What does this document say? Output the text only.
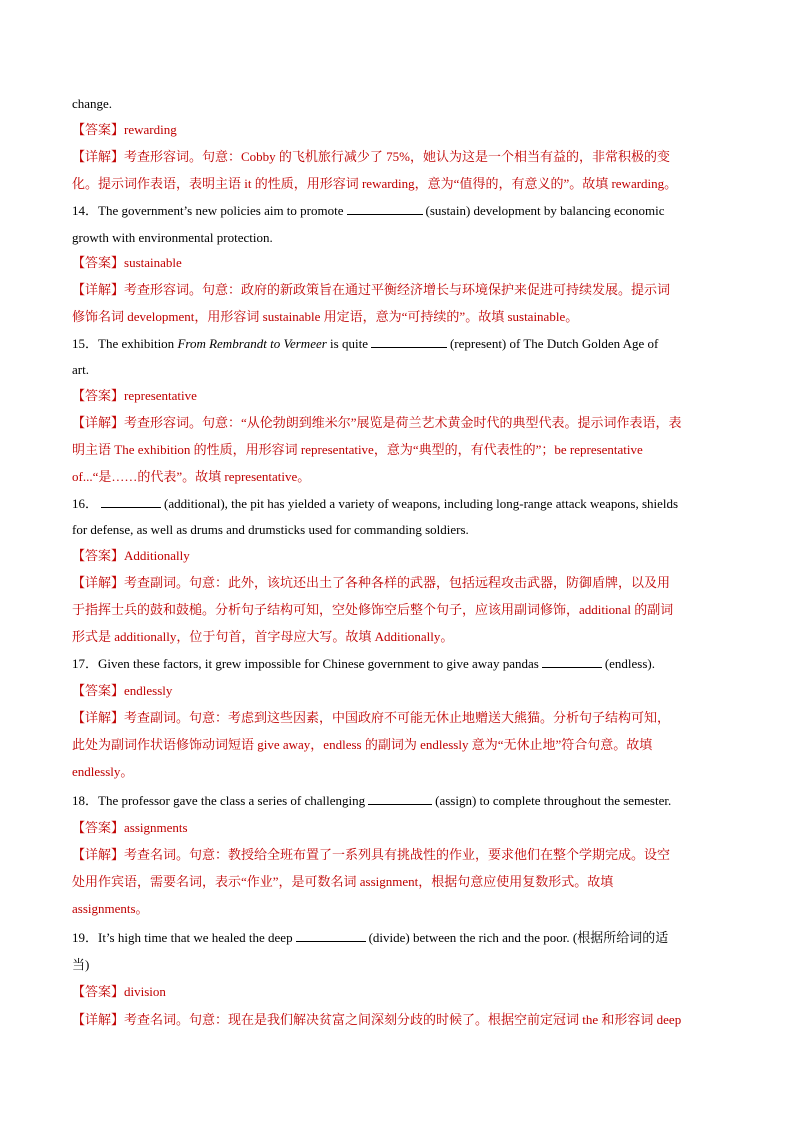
change.
【答案】rewarding
【详解】考查形容词。句意：Cobby 的飞机旅行减少了 75%，她认为这是一个相当有益的，非常积极的变
化。提示词作表语，表明主语 it 的性质，用形容词 rewarding，意为“值得的，有意义的”。故填 rewarding。
14．The government’s new policies aim to promote	(sustain) development by balancing economic
growth with environmental protection.
【答案】sustainable
【详解】考查形容词。句意：政府的新政策旨在通过平衡经济增长与环境保护来促进可持续发展。提示词
修饰名词 development，用形容词 sustainable 用定语，意为“可持续的”。故填 sustainable。
15．The exhibition From Rembrandt to Vermeer is quite	(represent) of The Dutch Golden Age of
art.
【答案】representative
【详解】考查形容词。句意：“从伦勃朗到维米尔”展览是荷兰艺术黄金时代的典型代表。提示词作表语，表
明主语 The exhibition 的性质，用形容词 representative，意为“典型的，有代表性的”；be representative
of...“是……的代表”。故填 representative。
16．	(additional), the pit has yielded a variety of weapons, including long-range attack weapons, shields
for defense, as well as drums and drumsticks used for commanding soldiers.
【答案】Additionally
【详解】考查副词。句意：此外，该坑还出土了各种各样的武器，包括远程攻击武器，防御盾牌，以及用
于指挥士兵的鼓和鼓槌。分析句子结构可知，空处修饰空后整个句子，应该用副词修饰，additional 的副词
形式是 additionally，位于句首，首字母应大写。故填 Additionally。
17．Given these factors, it grew impossible for Chinese government to give away pandas	(endless).
【答案】endlessly
【详解】考查副词。句意：考虑到这些因素，中国政府不可能无休止地赠送大熊猫。分析句子结构可知，
此处为副词作状语修饰动词短语 give away，endless 的副词为 endlessly 意为“无休止地”符合句意。故填
endlessly。
18．The professor gave the class a series of challenging	(assign) to complete throughout the semester.
【答案】assignments
【详解】考查名词。句意：教授给全班布置了一系列具有挑战性的作业，要求他们在整个学期完成。设空
处用作宾语，需要名词，表示“作业”，是可数名词 assignment，根据句意应使用复数形式。故填
assignments。
19．It’s high time that we healed the deep	(divide) between the rich and the poor. (根据所给词的适
当)
【答案】division
【详解】考查名词。句意：现在是我们解决贫富之间深刻分歧的时候了。根据空前定冠词 the 和形容词 deep
